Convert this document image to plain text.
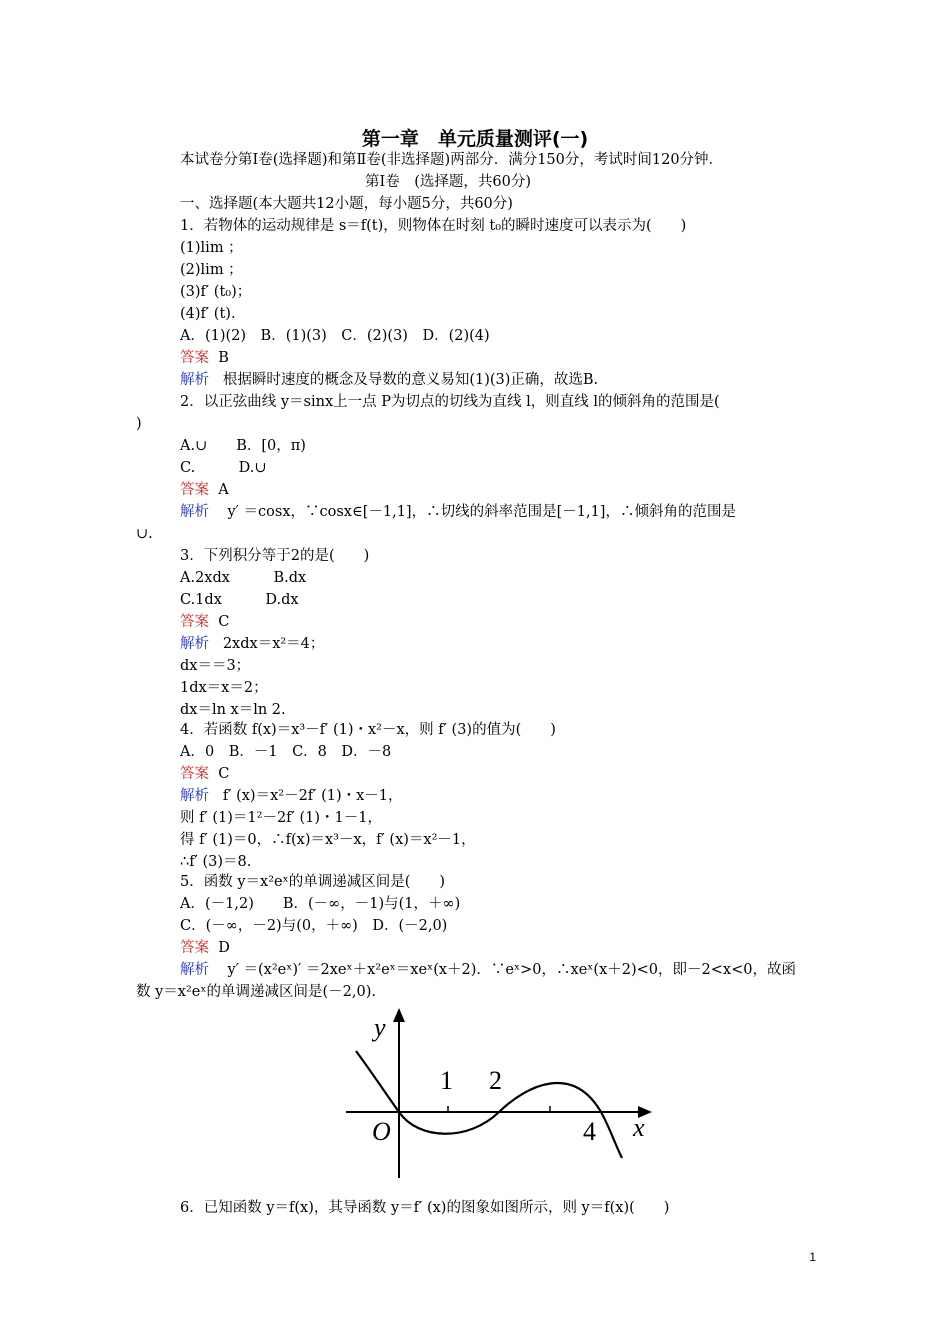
第一章　单元质量测评(一)
本试卷分第Ⅰ卷(选择题)和第Ⅱ卷(非选择题)两部分．满分150分，考试时间120分钟．
第Ⅰ卷　(选择题，共60分)
一、选择题(本大题共12小题，每小题5分，共60分)
1．若物体的运动规律是 s＝f(t)，则物体在时刻 t₀的瞬时速度可以表示为(　　)
(1)lim ；
(2)lim ；
(3)f′ (t₀)；
(4)f′ (t)．
A．(1)(2)　B．(1)(3)　C．(2)(3)　D．(2)(4)
答案 B
解析 根据瞬时速度的概念及导数的意义易知(1)(3)正确，故选B.
2．以正弦曲线 y＝sinx上一点 P为切点的切线为直线 l，则直线 l的倾斜角的范围是(
)
A.∪　　B．[0，π)
C.　　　D.∪
答案 A
解析 y′ ＝cosx，∵cosx∈[－1,1]，∴切线的斜率范围是[－1,1]，∴倾斜角的范围是
∪.
3．下列积分等于2的是(　　)
A.2xdx　　　B.dx
C.1dx　　　D.dx
答案 C
解析 2xdx＝x²＝4；
dx＝＝3；
1dx＝x＝2；
dx＝ln x＝ln 2.
4．若函数 f(x)＝x³－f′ (1)・x²－x，则 f′ (3)的值为(　　)
A．0　B．－1　C．8　D．－8
答案 C
解析 f′ (x)＝x²－2f′ (1)・x－1，
则 f′ (1)＝1²－2f′ (1)・1－1，
得 f′ (1)＝0，∴f(x)＝x³－x，f′ (x)＝x²－1，
∴f′ (3)＝8.
5．函数 y＝x²eˣ的单调递减区间是(　　)
A．(－1,2)　　B．(－∞，－1)与(1，＋∞)
C．(－∞，－2)与(0，＋∞)　D．(－2,0)
答案 D
解析 y′ ＝(x²eˣ)′ ＝2xeˣ＋x²eˣ＝xeˣ(x＋2)．∵eˣ>0，∴xeˣ(x＋2)<0，即－2<x<0，故函
数 y＝x²eˣ的单调递减区间是(－2,0).
y
x
O
1 2
4
6．已知函数 y＝f(x)，其导函数 y＝f′ (x)的图象如图所示，则 y＝f(x)(　　)
1
